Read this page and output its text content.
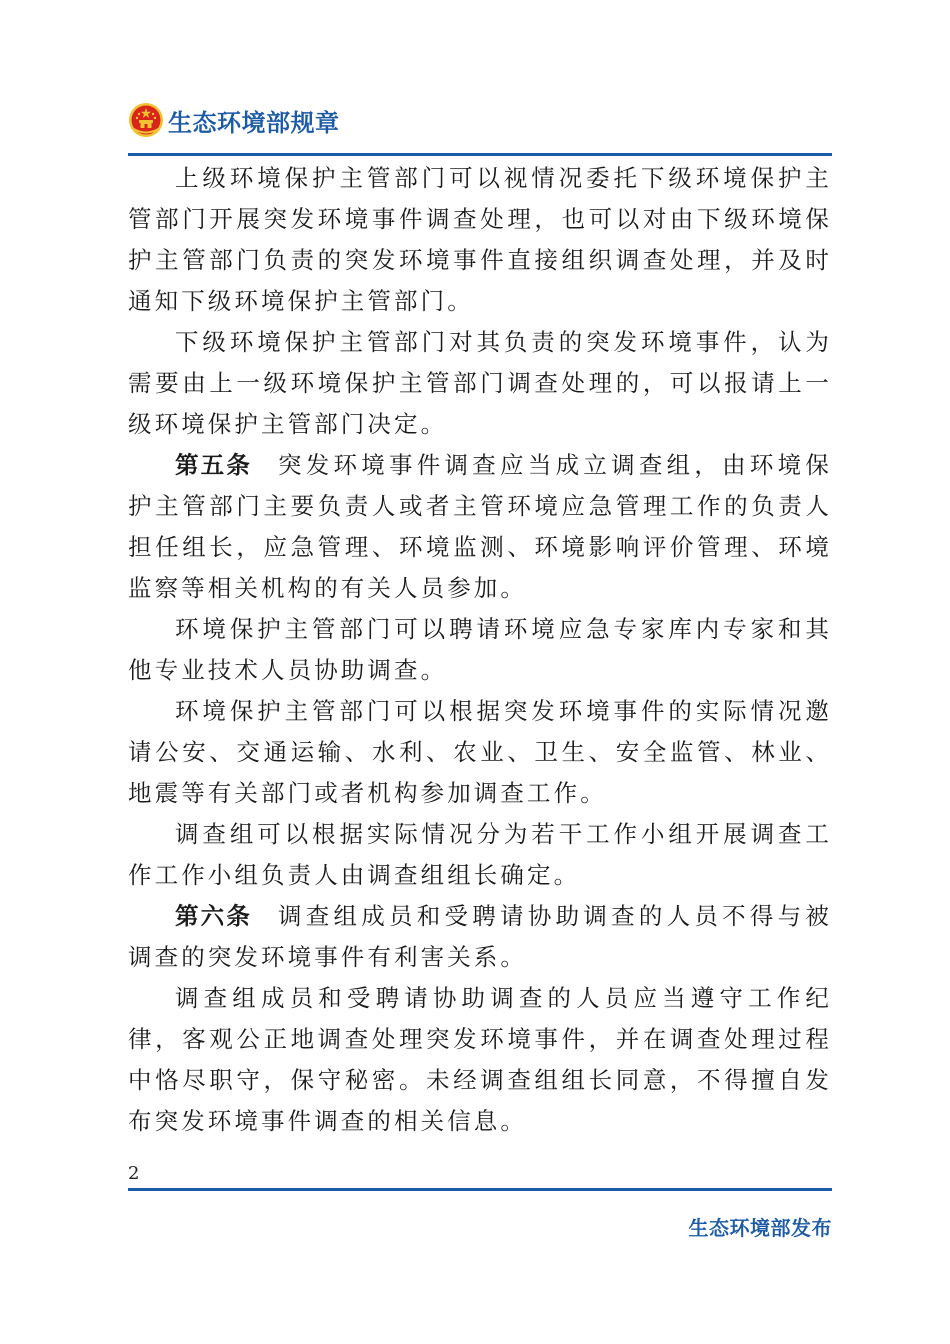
生态环境部规章

上级环境保护主管部门可以视情况委托下级环境保护主管部门开展突发环境事件调查处理，也可以对由下级环境保护主管部门负责的突发环境事件直接组织调查处理，并及时通知下级环境保护主管部门。

下级环境保护主管部门对其负责的突发环境事件，认为需要由上一级环境保护主管部门调查处理的，可以报请上一级环境保护主管部门决定。

第五条 突发环境事件调查应当成立调查组，由环境保护主管部门主要负责人或者主管环境应急管理工作的负责人担任组长，应急管理、环境监测、环境影响评价管理、环境监察等相关机构的有关人员参加。

环境保护主管部门可以聘请环境应急专家库内专家和其他专业技术人员协助调查。

环境保护主管部门可以根据突发环境事件的实际情况邀请公安、交通运输、水利、农业、卫生、安全监管、林业、地震等有关部门或者机构参加调查工作。

调查组可以根据实际情况分为若干工作小组开展调查工作工作小组负责人由调查组组长确定。

第六条 调查组成员和受聘请协助调查的人员不得与被调查的突发环境事件有利害关系。

调查组成员和受聘请协助调查的人员应当遵守工作纪律，客观公正地调查处理突发环境事件，并在调查处理过程中恪尽职守，保守秘密。未经调查组组长同意，不得擅自发布突发环境事件调查的相关信息。

2
生态环境部发布
